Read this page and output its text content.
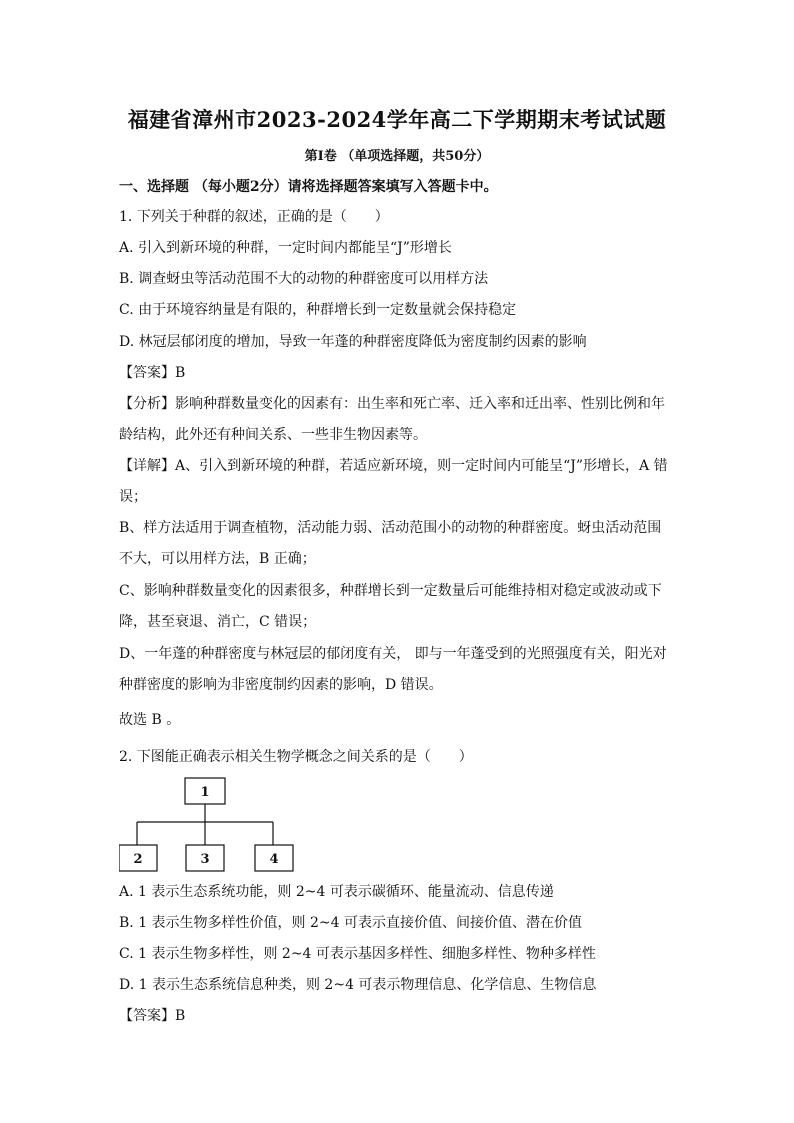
福建省漳州市2023-2024学年高二下学期期末考试试题
第Ⅰ卷 （单项选择题，共50分）
一、选择题 （每小题2分）请将选择题答案填写入答题卡中。
1. 下列关于种群的叙述，正确的是（　　）
A. 引入到新环境的种群，一定时间内都能呈“J”形增长
B. 调查蚜虫等活动范围不大的动物的种群密度可以用样方法
C. 由于环境容纳量是有限的，种群增长到一定数量就会保持稳定
D. 林冠层郁闭度的增加，导致一年蓬的种群密度降低为密度制约因素的影响
【答案】B
【分析】影响种群数量变化的因素有：出生率和死亡率、迁入率和迁出率、性别比例和年
龄结构，此外还有种间关系、一些非生物因素等。
【详解】A、引入到新环境的种群，若适应新环境，则一定时间内可能呈“J”形增长，A 错
误；
B、样方法适用于调查植物，活动能力弱、活动范围小的动物的种群密度。蚜虫活动范围
不大，可以用样方法，B 正确；
C、影响种群数量变化的因素很多，种群增长到一定数量后可能维持相对稳定或波动或下
降，甚至衰退、消亡，C 错误；
D、一年蓬的种群密度与林冠层的郁闭度有关， 即与一年蓬受到的光照强度有关，阳光对
种群密度的影响为非密度制约因素的影响，D 错误。
故选 B 。
2. 下图能正确表示相关生物学概念之间关系的是（　　）
1
2	3	4
A. 1 表示生态系统功能，则 2~4 可表示碳循环、能量流动、信息传递
B. 1 表示生物多样性价值，则 2~4 可表示直接价值、间接价值、潜在价值
C. 1 表示生物多样性，则 2~4 可表示基因多样性、细胞多样性、物种多样性
D. 1 表示生态系统信息种类，则 2~4 可表示物理信息、化学信息、生物信息
【答案】B
